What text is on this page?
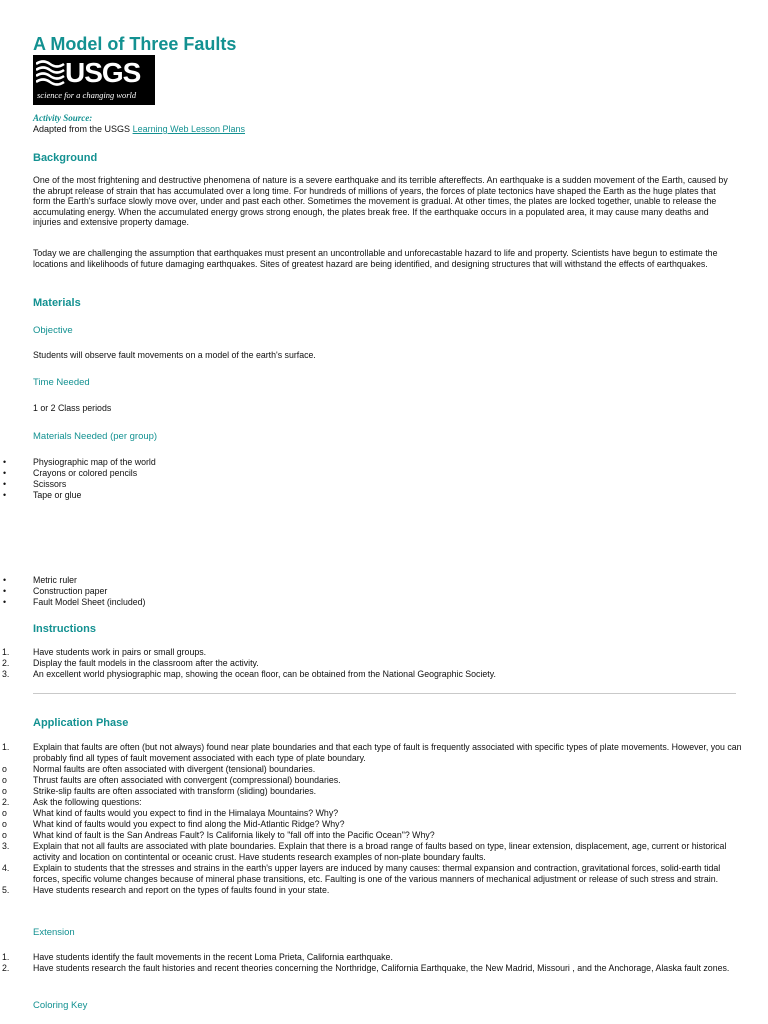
A Model of Three Faults
USGS
science for a changing world
Activity Source:
Adapted from the USGS Learning Web Lesson Plans
Background

One of the most frightening and destructive phenomena of nature is a severe earthquake and its terrible aftereffects. An earthquake is a sudden movement of the Earth, caused by the abrupt release of strain that has accumulated over a long time. For hundreds of millions of years, the forces of plate tectonics have shaped the Earth as the huge plates that form the Earth's surface slowly move over, under and past each other. Sometimes the movement is gradual. At other times, the plates are locked together, unable to release the accumulating energy. When the accumulated energy grows strong enough, the plates break free. If the earthquake occurs in a populated area, it may cause many deaths and injuries and extensive property damage.

Today we are challenging the assumption that earthquakes must present an uncontrollable and unforecastable hazard to life and property. Scientists have begun to estimate the locations and likelihoods of future damaging earthquakes. Sites of greatest hazard are being identified, and designing structures that will withstand the effects of earthquakes.

Materials
Objective

Students will observe fault movements on a model of the earth's surface.

Time Needed

1 or 2 Class periods

Materials Needed (per group)
•	Physiographic map of the world
•	Crayons or colored pencils
•	Scissors
•	Tape or glue
•	Metric ruler
•	Construction paper
•	Fault Model Sheet (included)
Instructions
1.	Have students work in pairs or small groups.
2.	Display the fault models in the classroom after the activity.
3.	An excellent world physiographic map, showing the ocean floor, can be obtained from the National Geographic Society.
Application Phase
1.	Explain that faults are often (but not always) found near plate boundaries and that each type of fault is frequently associated with specific types of plate movements. However, you can probably find all types of fault movement associated with each type of plate boundary.
o	Normal faults are often associated with divergent (tensional) boundaries.
o	Thrust faults are often associated with convergent (compressional) boundaries.
o	Strike-slip faults are often associated with transform (sliding) boundaries.
2.	Ask the following questions:
o	What kind of faults would you expect to find in the Himalaya Mountains? Why?
o	What kind of faults would you expect to find along the Mid-Atlantic Ridge? Why?
o	What kind of fault is the San Andreas Fault? Is California likely to "fall off into the Pacific Ocean"? Why?
3.	Explain that not all faults are associated with plate boundaries. Explain that there is a broad range of faults based on type, linear extension, displacement, age, current or historical activity and location on contintental or oceanic crust. Have students research examples of non-plate boundary faults.
4.	Explain to students that the stresses and strains in the earth's upper layers are induced by many causes: thermal expansion and contraction, gravitational forces, solid-earth tidal forces, specific volume changes because of mineral phase transitions, etc. Faulting is one of the various manners of mechanical adjustment or release of such stress and strain.
5.	Have students research and report on the types of faults found in your state.
Extension
1.	Have students identify the fault movements in the recent Loma Prieta, California earthquake.
2.	Have students research the fault histories and recent theories concerning the Northridge, California Earthquake, the New Madrid, Missouri , and the Anchorage, Alaska fault zones.
Coloring Key
